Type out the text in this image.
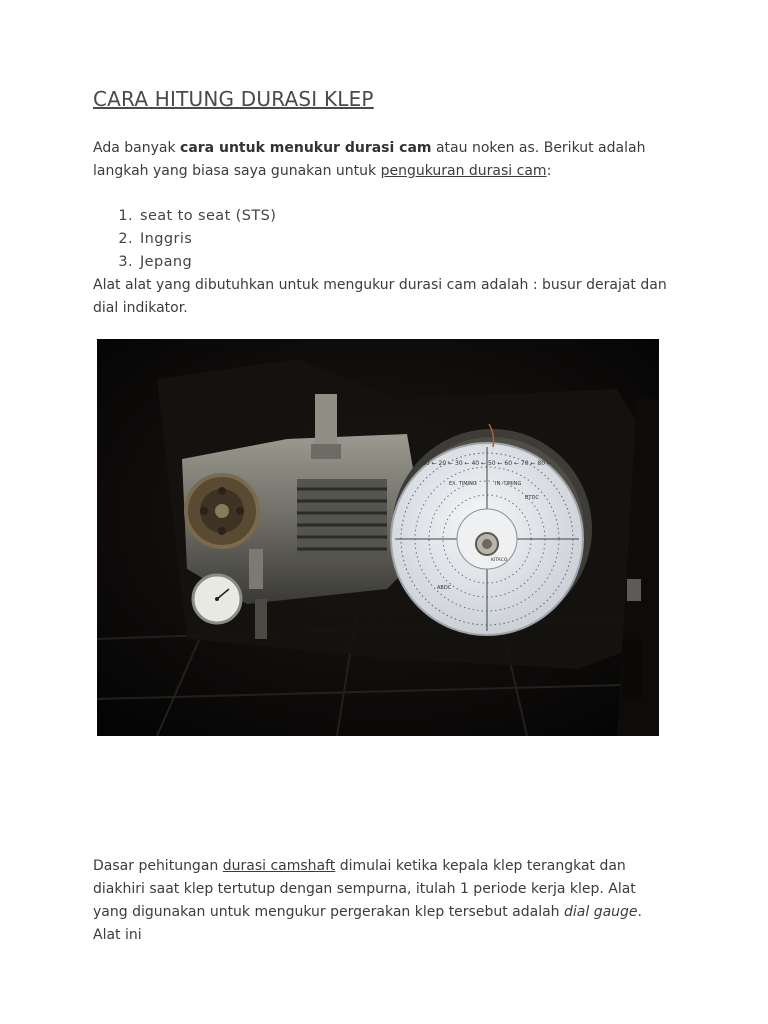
CARA HITUNG DURASI KLEP

Ada banyak cara untuk menukur durasi cam atau noken as. Berikut adalah langkah yang biasa saya gunakan untuk pengukuran durasi cam:

1. seat to seat (STS)
2. Inggris
3. Jepang

Alat alat yang dibutuhkan untuk mengukur durasi cam adalah : busur derajat dan dial indikator.

10 ← 20 ← 30 ← 40 ← 50 ← 60 ← 70 ← 80 ←
EX. TIMING	IN. TIMING
BTDC
ABDC
KITACO

Dasar pehitungan durasi camshaft dimulai ketika kepala klep terangkat dan diakhiri saat klep tertutup dengan sempurna, itulah 1 periode kerja klep. Alat yang digunakan untuk mengukur pergerakan klep tersebut adalah dial gauge. Alat ini
